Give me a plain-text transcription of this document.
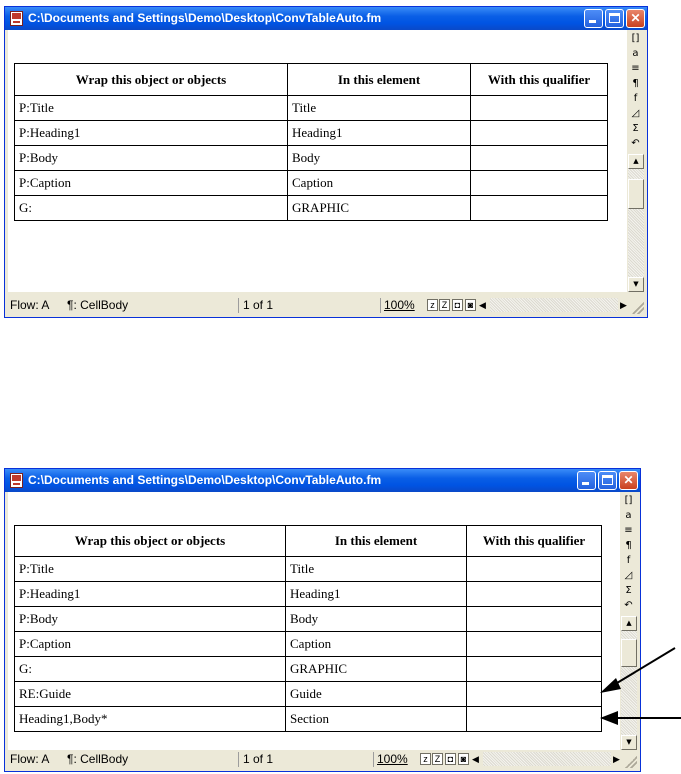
C:\Documents and Settings\Demo\Desktop\ConvTableAuto.fm	✕
Wrap this object or objects	In this element	With this qualifier
P:Title	Title	
P:Heading1	Heading1	
P:Body	Body	
P:Caption	Caption	
G:	GRAPHIC	
[]
a
≡
¶
f
◿
Σ
↶
▲
▼
Flow: A ¶: CellBody	1 of 1	100%	z Z ◘ ◙ ◀	▶
C:\Documents and Settings\Demo\Desktop\ConvTableAuto.fm	✕
Wrap this object or objects	In this element	With this qualifier
P:Title	Title	
P:Heading1	Heading1	
P:Body	Body	
P:Caption	Caption	
G:	GRAPHIC	
RE:Guide	Guide	
Heading1,Body*	Section	
[]
a
≡
¶
f
◿
Σ
↶
▲
▼
Flow: A ¶: CellBody	1 of 1	100%	z Z ◘ ◙ ◀	▶
